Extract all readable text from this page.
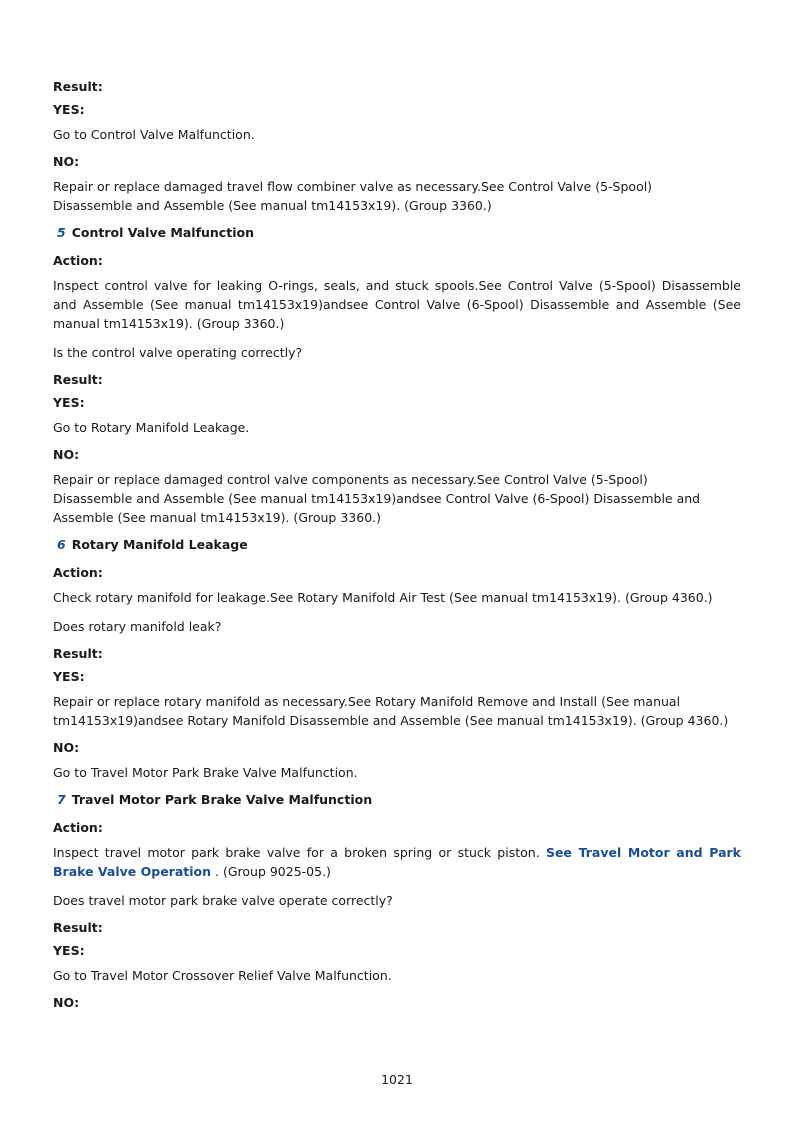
Result:

YES:

Go to Control Valve Malfunction.

NO:

Repair or replace damaged travel flow combiner valve as necessary.See Control Valve (5-Spool)

Disassemble and Assemble (See manual tm14153x19). (Group 3360.)

5 Control Valve Malfunction

Action:

Inspect control valve for leaking O-rings, seals, and stuck spools.See Control Valve (5-Spool) Disassemble and Assemble (See manual tm14153x19)andsee Control Valve (6-Spool) Disassemble and Assemble (See manual tm14153x19). (Group 3360.)

Is the control valve operating correctly?

Result:

YES:

Go to Rotary Manifold Leakage.

NO:

Repair or replace damaged control valve components as necessary.See Control Valve (5-Spool)

Disassemble and Assemble (See manual tm14153x19)andsee Control Valve (6-Spool) Disassemble and

Assemble (See manual tm14153x19). (Group 3360.)

6 Rotary Manifold Leakage

Action:

Check rotary manifold for leakage.See Rotary Manifold Air Test (See manual tm14153x19). (Group 4360.)

Does rotary manifold leak?

Result:

YES:

Repair or replace rotary manifold as necessary.See Rotary Manifold Remove and Install (See manual

tm14153x19)andsee Rotary Manifold Disassemble and Assemble (See manual tm14153x19). (Group 4360.)

NO:

Go to Travel Motor Park Brake Valve Malfunction.

7 Travel Motor Park Brake Valve Malfunction

Action:

Inspect travel motor park brake valve for a broken spring or stuck piston. See Travel Motor and Park Brake Valve Operation . (Group 9025-05.)

Does travel motor park brake valve operate correctly?

Result:

YES:

Go to Travel Motor Crossover Relief Valve Malfunction.

NO:

1021
